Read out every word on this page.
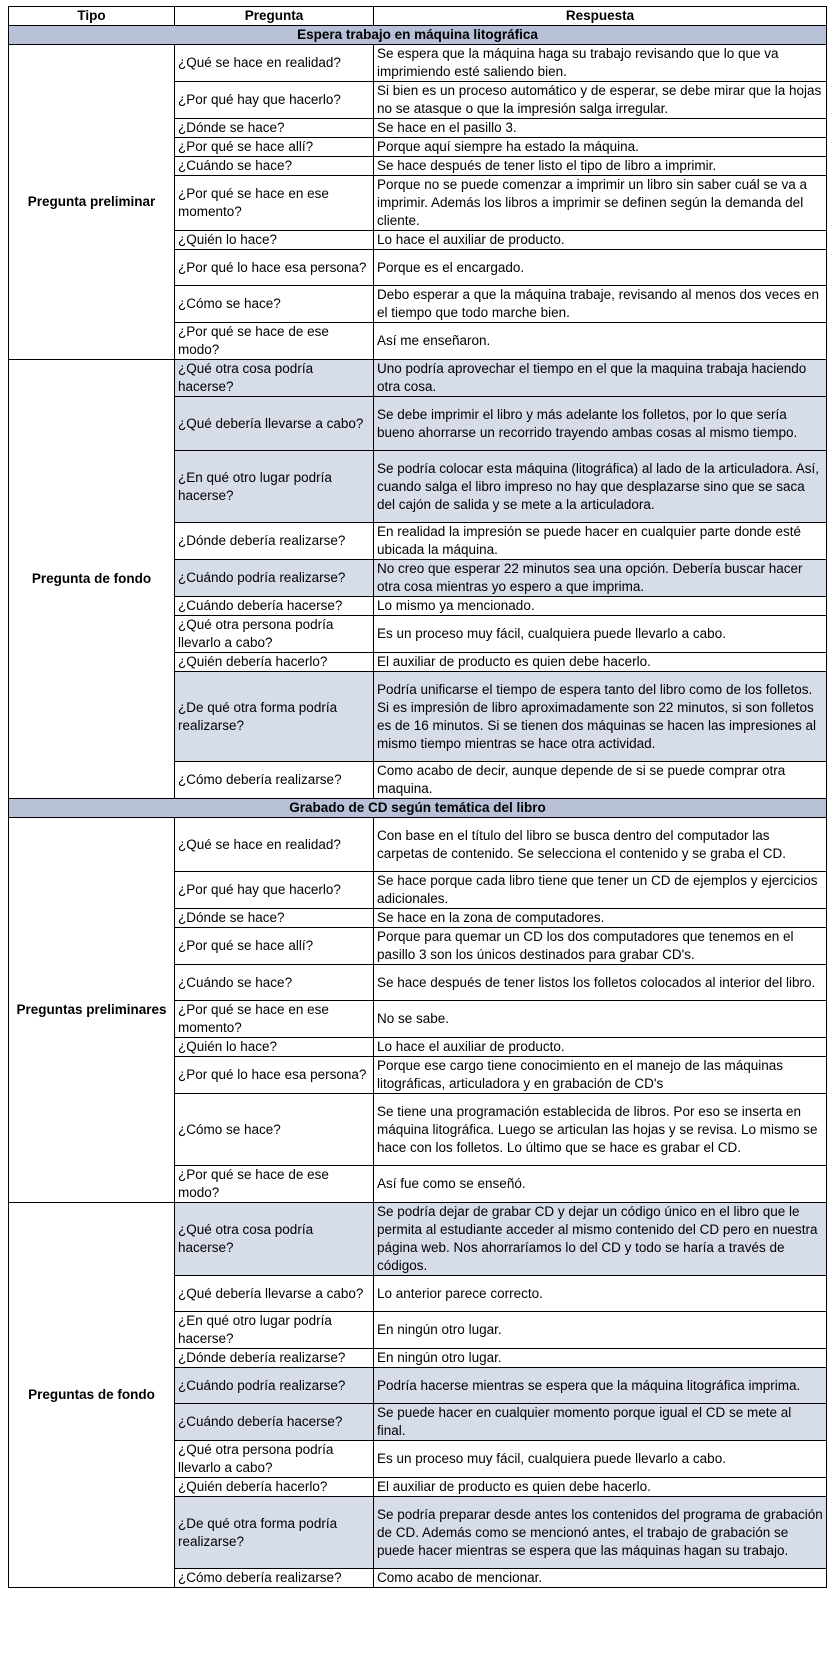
Tipo	Pregunta	Respuesta
Espera trabajo en máquina litográfica		
Pregunta preliminar	¿Qué se hace en realidad?	Se espera que la máquina haga su trabajo revisando que lo que va imprimiendo esté saliendo bien.
	¿Por qué hay que hacerlo?	Si bien es un proceso automático y de esperar, se debe mirar que la hojas no se atasque o que la impresión salga irregular.
	¿Dónde se hace?	Se hace en el pasillo 3.
	¿Por qué se hace allí?	Porque aquí siempre ha estado la máquina.
	¿Cuándo se hace?	Se hace después de tener listo el tipo de libro a imprimir.
	¿Por qué se hace en ese momento?	Porque no se puede comenzar a imprimir un libro sin saber cuál se va a imprimir. Además los libros a imprimir se definen según la demanda del cliente.
	¿Quién lo hace?	Lo hace el auxiliar de producto.
	¿Por qué lo hace esa persona?	Porque es el encargado.
	¿Cómo se hace?	Debo esperar a que la máquina trabaje, revisando al menos dos veces en el tiempo que todo marche bien.
	¿Por qué se hace de ese modo?	Así me enseñaron.
Pregunta de fondo	¿Qué otra cosa podría hacerse?	Uno podría aprovechar el tiempo en el que la maquina trabaja haciendo otra cosa.
	¿Qué debería llevarse a cabo?	Se debe imprimir el libro y más adelante los folletos, por lo que sería bueno ahorrarse un recorrido trayendo ambas cosas al mismo tiempo.
	¿En qué otro lugar podría hacerse?	Se podría colocar esta máquina (litográfica) al lado de la articuladora. Así, cuando salga el libro impreso no hay que desplazarse sino que se saca del cajón de salida y se mete a la articuladora.
	¿Dónde debería realizarse?	En realidad la impresión se puede hacer en cualquier parte donde esté ubicada la máquina.
	¿Cuándo podría realizarse?	No creo que esperar 22 minutos sea una opción. Debería buscar hacer otra cosa mientras yo espero a que imprima.
	¿Cuándo debería hacerse?	Lo mismo ya mencionado.
	¿Qué otra persona podría llevarlo a cabo?	Es un proceso muy fácil, cualquiera puede llevarlo a cabo.
	¿Quién debería hacerlo?	El auxiliar de producto es quien debe hacerlo.
	¿De qué otra forma podría realizarse?	Podría unificarse el tiempo de espera tanto del libro como de los folletos. Si es impresión de libro aproximadamente son 22 minutos, si son folletos es de 16 minutos. Si se tienen dos máquinas se hacen las impresiones al mismo tiempo mientras se hace otra actividad.
	¿Cómo debería realizarse?	Como acabo de decir, aunque depende de si se puede comprar otra maquina.
Grabado de CD según temática del libro		
Preguntas preliminares	¿Qué se hace en realidad?	Con base en el título del libro se busca dentro del computador las carpetas de contenido. Se selecciona el contenido y se graba el CD.
	¿Por qué hay que hacerlo?	Se hace porque cada libro tiene que tener un CD de ejemplos y ejercicios adicionales.
	¿Dónde se hace?	Se hace en la zona de computadores.
	¿Por qué se hace allí?	Porque para quemar un CD los dos computadores que tenemos en el pasillo 3 son los únicos destinados para grabar CD's.
	¿Cuándo se hace?	Se hace después de tener listos los folletos colocados al interior del libro.
	¿Por qué se hace en ese momento?	No se sabe.
	¿Quién lo hace?	Lo hace el auxiliar de producto.
	¿Por qué lo hace esa persona?	Porque ese cargo tiene conocimiento en el manejo de las máquinas litográficas, articuladora y en grabación de CD's
	¿Cómo se hace?	Se tiene una programación establecida de libros. Por eso se inserta en máquina litográfica. Luego se articulan las hojas y se revisa. Lo mismo se hace con los folletos. Lo último que se hace es grabar el CD.
	¿Por qué se hace de ese modo?	Así fue como se enseñó.
Preguntas de fondo	¿Qué otra cosa podría hacerse?	Se podría dejar de grabar CD y dejar un código único en el libro que le permita al estudiante acceder al mismo contenido del CD pero en nuestra página web. Nos ahorraríamos lo del CD y todo se haría a través de códigos.
	¿Qué debería llevarse a cabo?	Lo anterior parece correcto.
	¿En qué otro lugar podría hacerse?	En ningún otro lugar.
	¿Dónde debería realizarse?	En ningún otro lugar.
	¿Cuándo podría realizarse?	Podría hacerse mientras se espera que la máquina litográfica imprima.
	¿Cuándo debería hacerse?	Se puede hacer en cualquier momento porque igual el CD se mete al final.
	¿Qué otra persona podría llevarlo a cabo?	Es un proceso muy fácil, cualquiera puede llevarlo a cabo.
	¿Quién debería hacerlo?	El auxiliar de producto es quien debe hacerlo.
	¿De qué otra forma podría realizarse?	Se podría preparar desde antes los contenidos del programa de grabación de CD. Además como se mencionó antes, el trabajo de grabación se puede hacer mientras se espera que las máquinas hagan su trabajo.
	¿Cómo debería realizarse?	Como acabo de mencionar.
